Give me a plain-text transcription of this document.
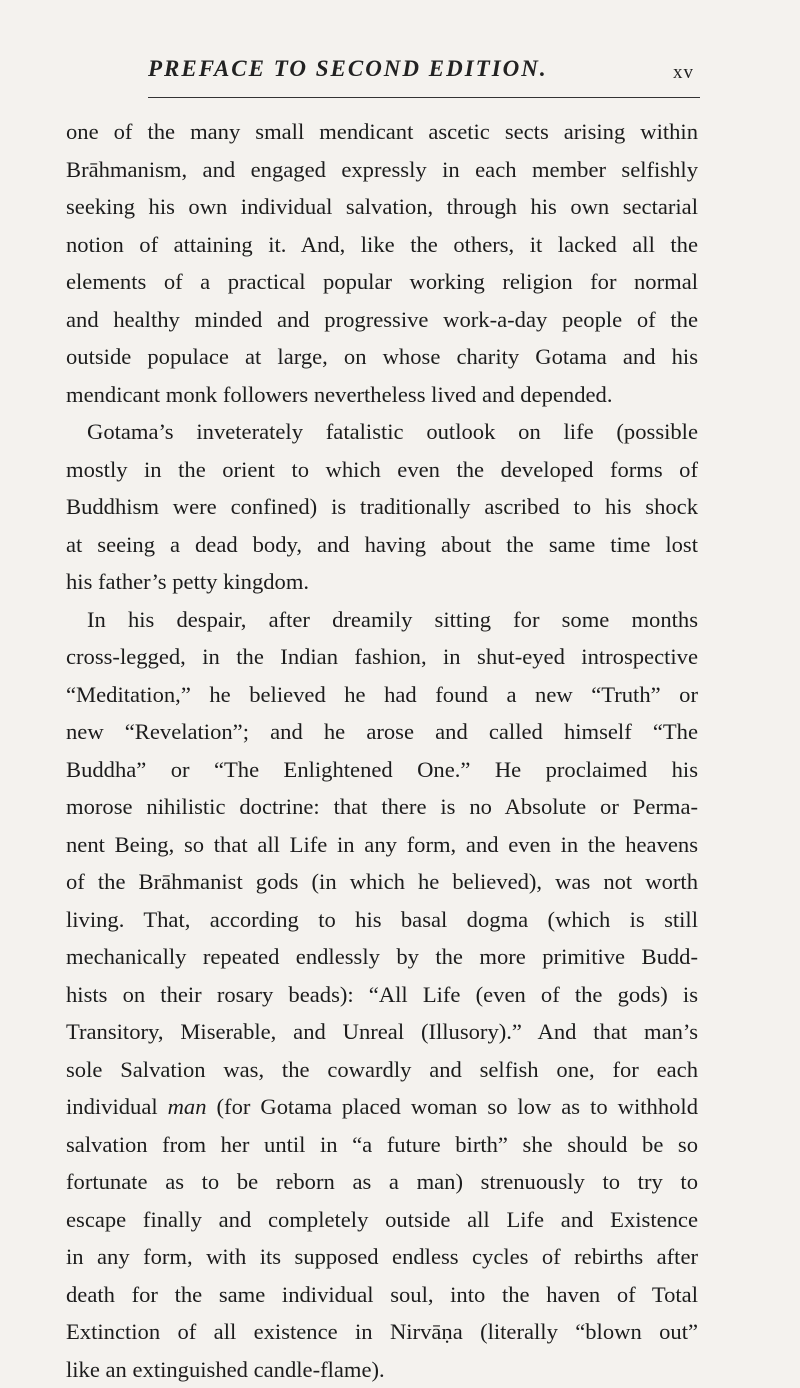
PREFACE TO SECOND EDITION.	xv
one of the many small mendicant ascetic sects arising within
Brāhmanism, and engaged expressly in each member selfishly
seeking his own individual salvation, through his own sectarial
notion of attaining it. And, like the others, it lacked all the
elements of a practical popular working religion for normal
and healthy minded and progressive work-a-day people of the
outside populace at large, on whose charity Gotama and his
mendicant monk followers nevertheless lived and depended.
Gotama’s inveterately fatalistic outlook on life (possible
mostly in the orient to which even the developed forms of
Buddhism were confined) is traditionally ascribed to his shock
at seeing a dead body, and having about the same time lost
his father’s petty kingdom.
In his despair, after dreamily sitting for some months
cross-legged, in the Indian fashion, in shut-eyed introspective
“Meditation,” he believed he had found a new “Truth” or
new “Revelation”; and he arose and called himself “The
Buddha” or “The Enlightened One.” He proclaimed his
morose nihilistic doctrine: that there is no Absolute or Perma-
nent Being, so that all Life in any form, and even in the heavens
of the Brāhmanist gods (in which he believed), was not worth
living. That, according to his basal dogma (which is still
mechanically repeated endlessly by the more primitive Budd-
hists on their rosary beads): “All Life (even of the gods) is
Transitory, Miserable, and Unreal (Illusory).” And that man’s
sole Salvation was, the cowardly and selfish one, for each
individual man (for Gotama placed woman so low as to withhold
salvation from her until in “a future birth” she should be so
fortunate as to be reborn as a man) strenuously to try to
escape finally and completely outside all Life and Existence
in any form, with its supposed endless cycles of rebirths after
death for the same individual soul, into the haven of Total
Extinction of all existence in Nirvāṇa (literally “blown out”
like an extinguished candle-flame).
